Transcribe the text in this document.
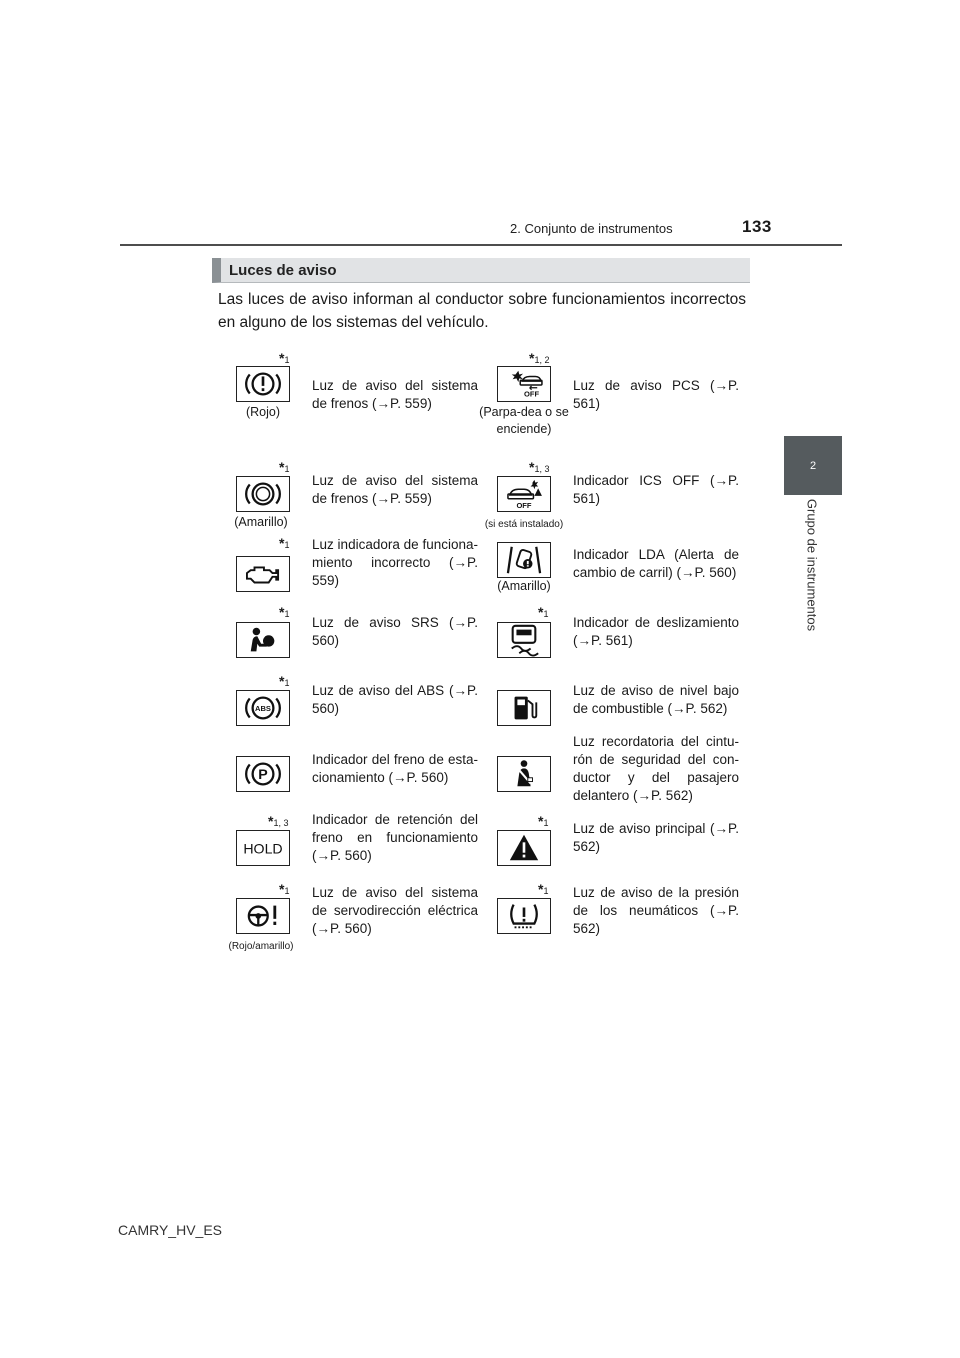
133
2. Conjunto de instrumentos
2
Grupo de instrumentos
Luces de aviso

Las luces de aviso informan al conductor sobre funcionamientos incorrectos en alguno de los sistemas del vehículo.

*1
(Rojo)
Luz de aviso del sistema de frenos (→P. 559)
*1, 2
OFF
(Parpa-dea o se enciende)
Luz de aviso PCS (→P. 561)
*1
(Amarillo)
Luz de aviso del sistema de frenos (→P. 559)
*1, 3
OFF
(si está instalado)
Indicador ICS OFF (→P. 561)
*1 Luz indicadora de funciona-miento incorrecto (→P. 559)	(Amarillo)
Indicador LDA (Alerta de cambio de carril) (→P. 560)
*1
Luz de aviso SRS (→P. 560)
*1
Indicador de deslizamiento (→P. 561)
*1
ABS
Luz de aviso del ABS (→P. 560)
Luz de aviso de nivel bajo de combustible (→P. 562)
P
Indicador del freno de esta-cionamiento (→P. 560)
Luz recordatoria del cintu-rón de seguridad del con-ductor y del pasajero delantero (→P. 562)
*1, 3
HOLD
Indicador de retención del freno en funcionamiento (→P. 560)
*1 Luz de aviso principal (→P. 562)
*1
(Rojo/amarillo)
Luz de aviso del sistema de servodirección eléctrica (→P. 560)
*1 Luz de aviso de la presión de los neumáticos (→P. 562)
CAMRY_HV_ES
